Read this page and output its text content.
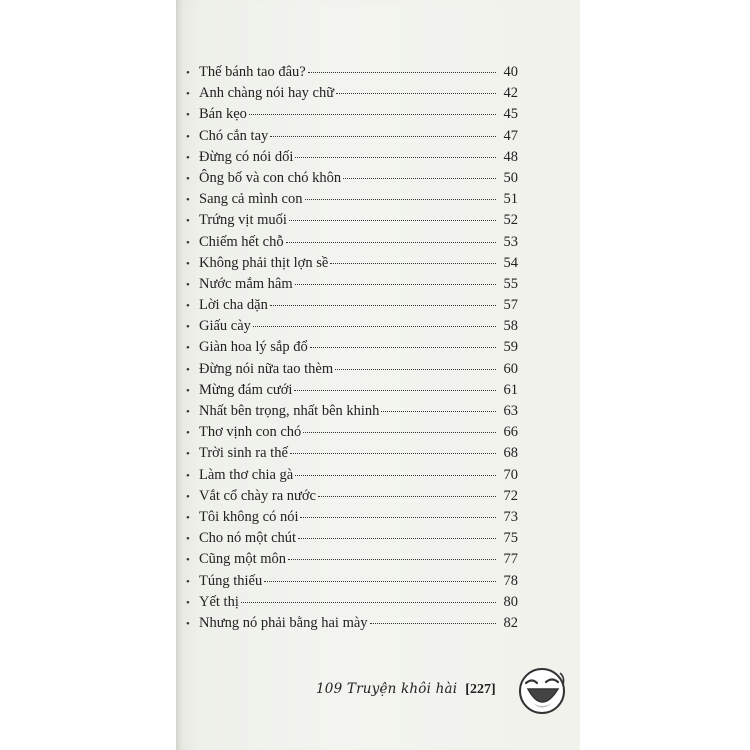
• Thế bánh tao đâu?	40
• Anh chàng nói hay chữ	42
• Bán kẹo	45
• Chó cắn tay	47
• Đừng có nói dối	48
• Ông bố và con chó khôn	50
• Sang cả mình con	51
• Trứng vịt muối	52
• Chiếm hết chỗ	53
• Không phải thịt lợn sề	54
• Nước mắm hâm	55
• Lời cha dặn	57
• Giấu cày	58
• Giàn hoa lý sắp đổ	59
• Đừng nói nữa tao thèm	60
• Mừng đám cưới	61
• Nhất bên trọng, nhất bên khinh	63
• Thơ vịnh con chó	66
• Trời sinh ra thế	68
• Làm thơ chia gà	70
• Vắt cổ chày ra nước	72
• Tôi không có nói	73
• Cho nó một chút	75
• Cũng một môn	77
• Túng thiếu	78
• Yết thị	80
• Nhưng nó phải bằng hai mày	82
109 Truyện khôi hài [227]
